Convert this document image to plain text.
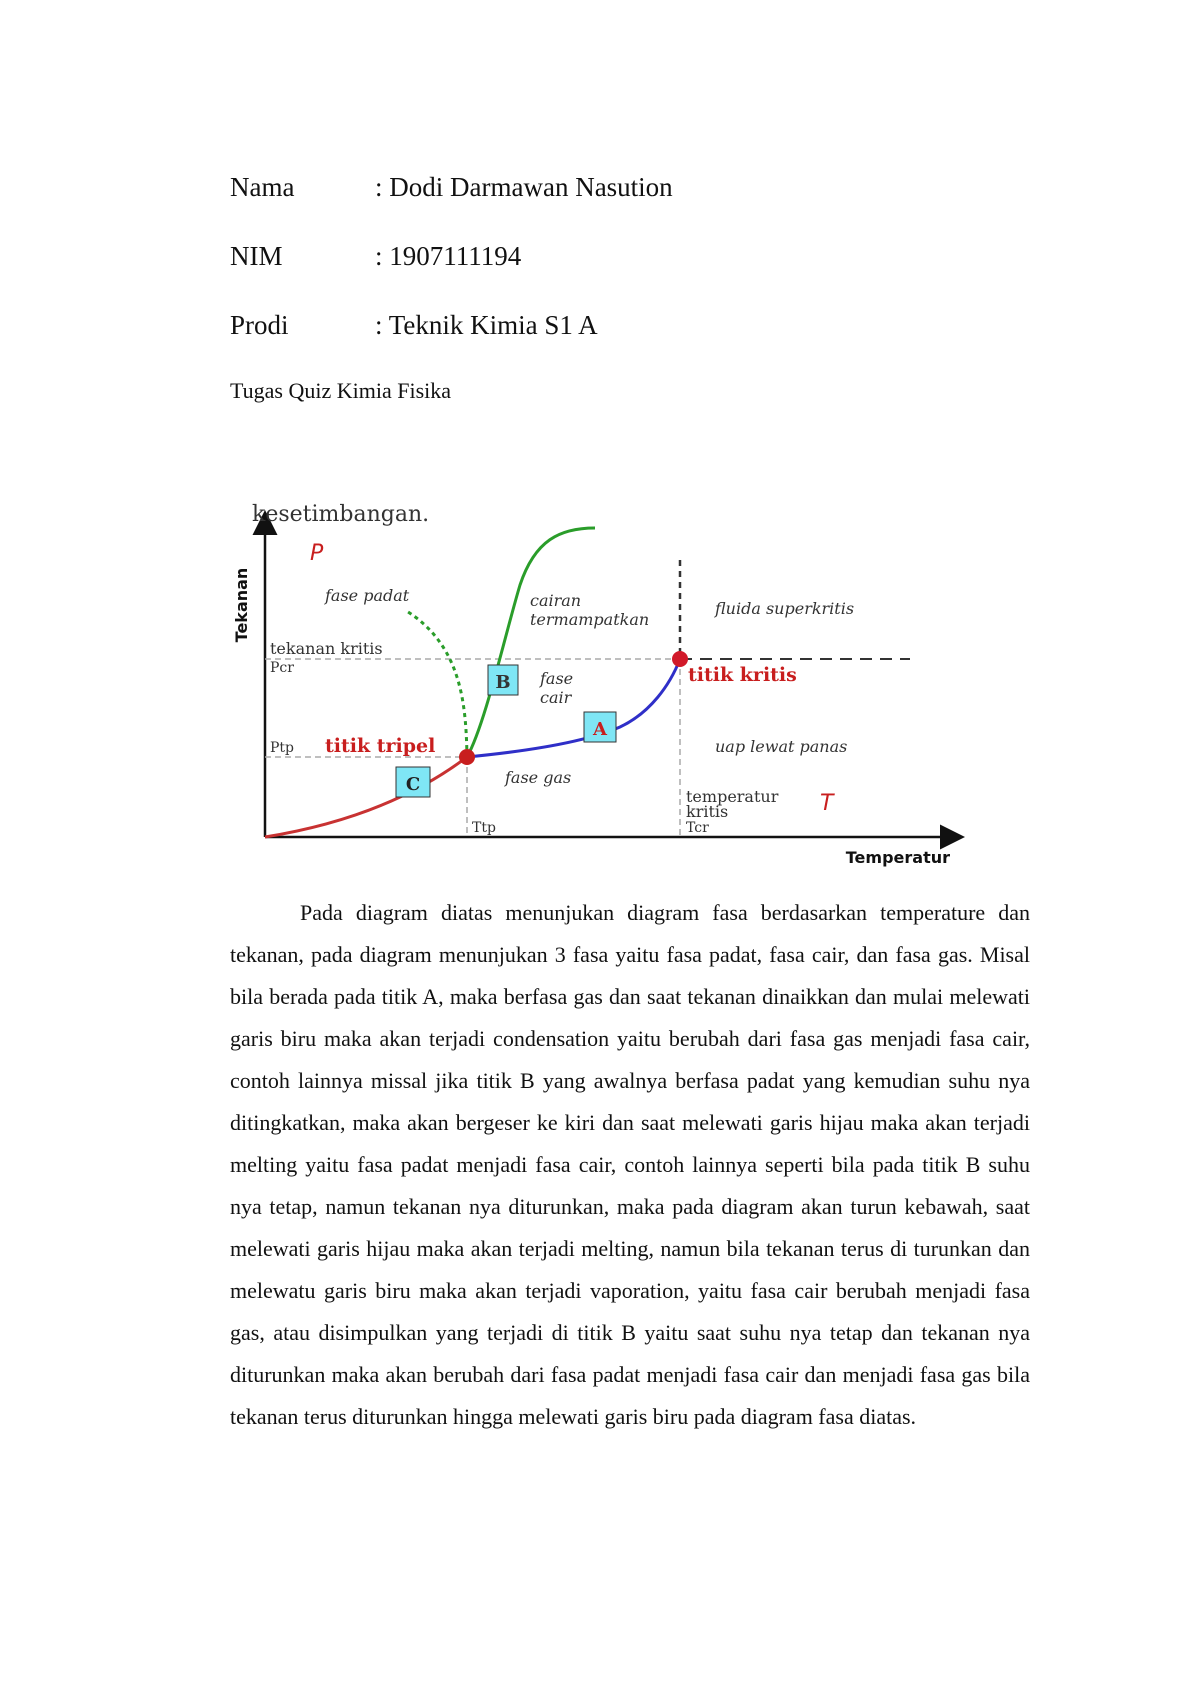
Nama	: Dodi Darmawan Nasution
NIM	: 1907111194
Prodi	: Teknik Kimia S1 A
Tugas Quiz Kimia Fisika
B
A
C
kesetimbangan.
Tekanan
Temperatur
P
T
fase padat	cairan
termampatkan
fluida superkritis
tekanan kritis
Pcr
Ptp titik tripel
titik kritis
fase
cair
uap lewat panas
fase gas
temperatur
kritis
Ttp	Tcr

Pada diagram diatas menunjukan diagram fasa berdasarkan temperature dan tekanan, pada diagram menunjukan 3 fasa yaitu fasa padat, fasa cair, dan fasa gas. Misal bila berada pada titik A, maka berfasa gas dan saat tekanan dinaikkan dan mulai melewati garis biru maka akan terjadi condensation yaitu berubah dari fasa gas menjadi fasa cair, contoh lainnya missal jika titik B yang awalnya berfasa padat yang kemudian suhu nya ditingkatkan, maka akan bergeser ke kiri dan saat melewati garis hijau maka akan terjadi melting yaitu fasa padat menjadi fasa cair, contoh lainnya seperti bila pada titik B suhu nya tetap, namun tekanan nya diturunkan, maka pada diagram akan turun kebawah, saat melewati garis hijau maka akan terjadi melting, namun bila tekanan terus di turunkan dan melewatu garis biru maka akan terjadi vaporation, yaitu fasa cair berubah menjadi fasa gas, atau disimpulkan yang terjadi di titik B yaitu saat suhu nya tetap dan tekanan nya diturunkan maka akan berubah dari fasa padat menjadi fasa cair dan menjadi fasa gas bila tekanan terus diturunkan hingga melewati garis biru pada diagram fasa diatas.
